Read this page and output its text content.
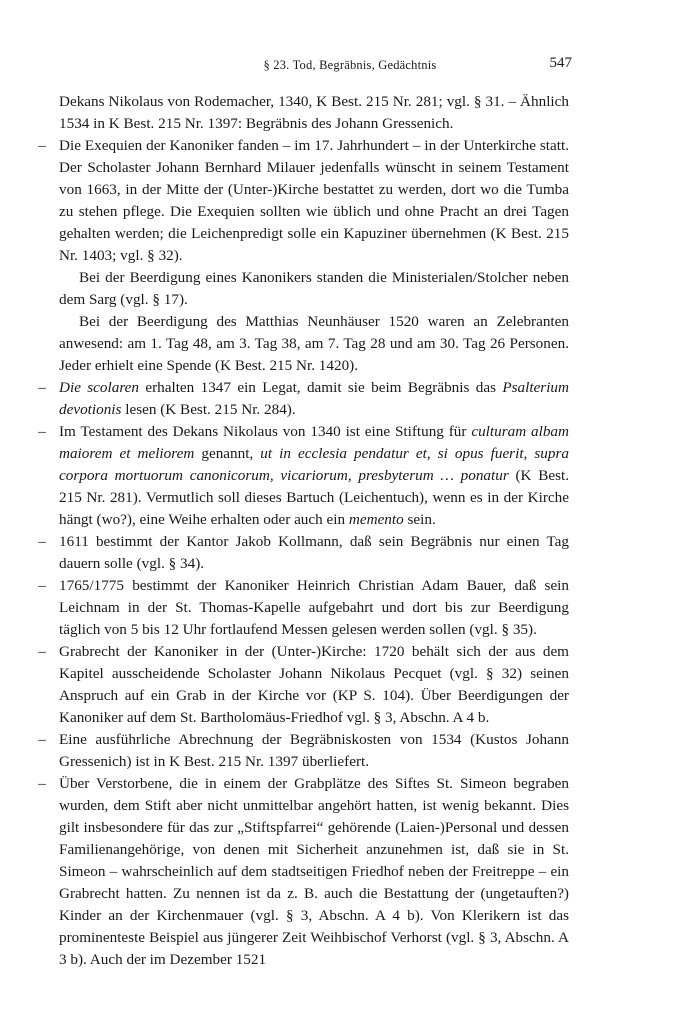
§ 23. Tod, Begräbnis, Gedächtnis	547

Dekans Nikolaus von Rodemacher, 1340, K Best. 215 Nr. 281; vgl. § 31. – Ähnlich 1534 in K Best. 215 Nr. 1397: Begräbnis des Johann Gressenich.

– Die Exequien der Kanoniker fanden – im 17. Jahrhundert – in der Unterkirche statt. Der Scholaster Johann Bernhard Milauer jedenfalls wünscht in seinem Testament von 1663, in der Mitte der (Unter-)Kirche bestattet zu werden, dort wo die Tumba zu stehen pflege. Die Exequien sollten wie üblich und ohne Pracht an drei Tagen gehalten werden; die Leichenpredigt solle ein Kapuziner übernehmen (K Best. 215 Nr. 1403; vgl. § 32).

Bei der Beerdigung eines Kanonikers standen die Ministerialen/Stolcher neben dem Sarg (vgl. § 17).

Bei der Beerdigung des Matthias Neunhäuser 1520 waren an Zelebranten anwesend: am 1. Tag 48, am 3. Tag 38, am 7. Tag 28 und am 30. Tag 26 Personen. Jeder erhielt eine Spende (K Best. 215 Nr. 1420).

– Die scolaren erhalten 1347 ein Legat, damit sie beim Begräbnis das Psalterium devotionis lesen (K Best. 215 Nr. 284).

– Im Testament des Dekans Nikolaus von 1340 ist eine Stiftung für culturam albam maiorem et meliorem genannt, ut in ecclesia pendatur et, si opus fuerit, supra corpora mortuorum canonicorum, vicariorum, presbyterum … ponatur (K Best. 215 Nr. 281). Vermutlich soll dieses Bartuch (Leichentuch), wenn es in der Kirche hängt (wo?), eine Weihe erhalten oder auch ein memento sein.

– 1611 bestimmt der Kantor Jakob Kollmann, daß sein Begräbnis nur einen Tag dauern solle (vgl. § 34).

– 1765/1775 bestimmt der Kanoniker Heinrich Christian Adam Bauer, daß sein Leichnam in der St. Thomas-Kapelle aufgebahrt und dort bis zur Beerdigung täglich von 5 bis 12 Uhr fortlaufend Messen gelesen werden sollen (vgl. § 35).

– Grabrecht der Kanoniker in der (Unter-)Kirche: 1720 behält sich der aus dem Kapitel ausscheidende Scholaster Johann Nikolaus Pecquet (vgl. § 32) seinen Anspruch auf ein Grab in der Kirche vor (KP S. 104). Über Beerdigungen der Kanoniker auf dem St. Bartholomäus-Friedhof vgl. § 3, Abschn. A 4 b.

– Eine ausführliche Abrechnung der Begräbniskosten von 1534 (Kustos Johann Gressenich) ist in K Best. 215 Nr. 1397 überliefert.

– Über Verstorbene, die in einem der Grabplätze des Siftes St. Simeon begraben wurden, dem Stift aber nicht unmittelbar angehört hatten, ist wenig bekannt. Dies gilt insbesondere für das zur „Stiftspfarrei“ gehörende (Laien-)Personal und dessen Familienangehörige, von denen mit Sicherheit anzunehmen ist, daß sie in St. Simeon – wahrscheinlich auf dem stadtseitigen Friedhof neben der Freitreppe – ein Grabrecht hatten. Zu nennen ist da z. B. auch die Bestattung der (ungetauften?) Kinder an der Kirchenmauer (vgl. § 3, Abschn. A 4 b). Von Klerikern ist das prominenteste Beispiel aus jüngerer Zeit Weihbischof Verhorst (vgl. § 3, Abschn. A 3 b). Auch der im Dezember 1521
